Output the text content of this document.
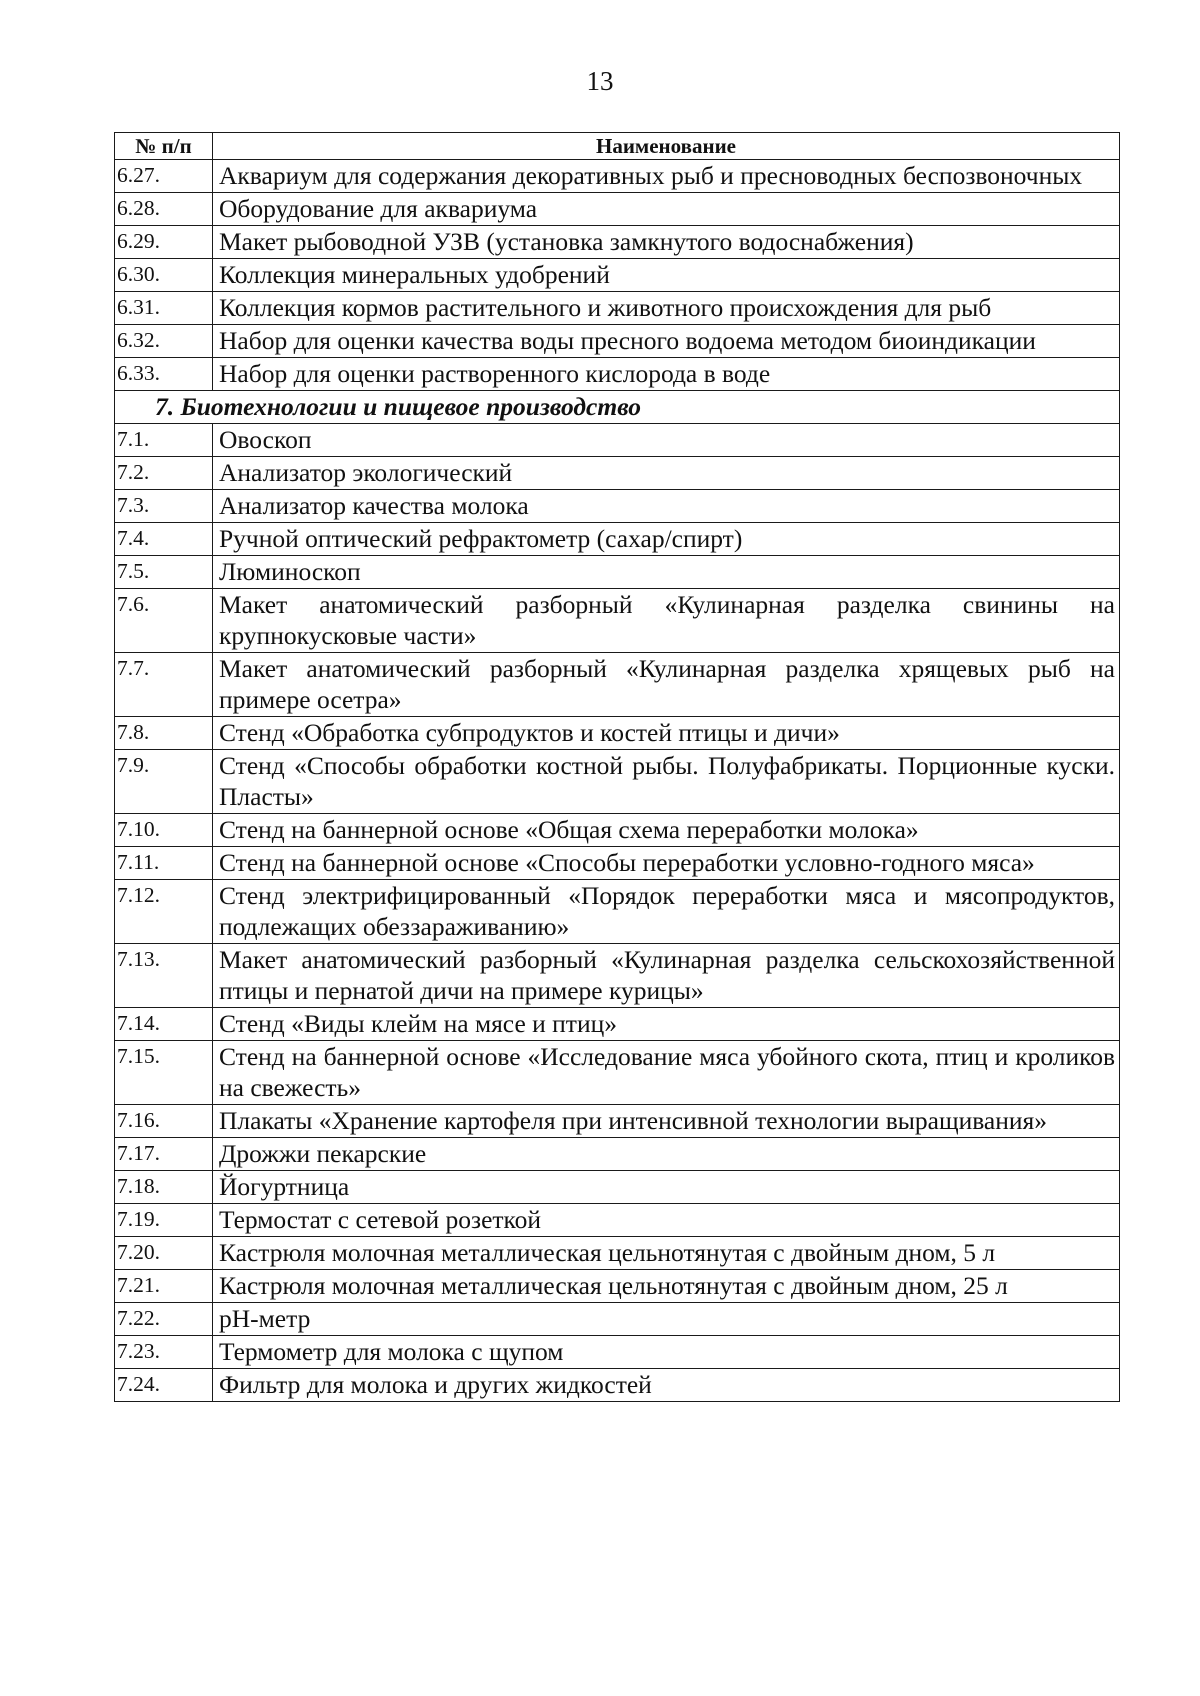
13
№ п/п	Наименование
6.27.	Аквариум для содержания декоративных рыб и пресноводных беспозвоночных
6.28.	Оборудование для аквариума
6.29.	Макет рыбоводной УЗВ (установка замкнутого водоснабжения)
6.30.	Коллекция минеральных удобрений
6.31.	Коллекция кормов растительного и животного происхождения для рыб
6.32.	Набор для оценки качества воды пресного водоема методом биоиндикации
6.33.	Набор для оценки растворенного кислорода в воде
7. Биотехнологии и пищевое производство	
7.1.	Овоскоп
7.2.	Анализатор экологический
7.3.	Анализатор качества молока
7.4.	Ручной оптический рефрактометр (сахар/спирт)
7.5.	Люминоскоп
7.6.	Макет анатомический разборный «Кулинарная разделка свинины на крупнокусковые части»
7.7.	Макет анатомический разборный «Кулинарная разделка хрящевых рыб на примере осетра»
7.8.	Стенд «Обработка субпродуктов и костей птицы и дичи»
7.9.	Стенд «Способы обработки костной рыбы. Полуфабрикаты. Порционные куски. Пласты»
7.10.	Стенд на баннерной основе «Общая схема переработки молока»
7.11.	Стенд на баннерной основе «Способы переработки условно-годного мяса»
7.12.	Стенд электрифицированный «Порядок переработки мяса и мясопродуктов, подлежащих обеззараживанию»
7.13.	Макет анатомический разборный «Кулинарная разделка сельскохозяйственной птицы и пернатой дичи на примере курицы»
7.14.	Стенд «Виды клейм на мясе и птиц»
7.15.	Стенд на баннерной основе «Исследование мяса убойного скота, птиц и кроликов на свежесть»
7.16.	Плакаты «Хранение картофеля при интенсивной технологии выращивания»
7.17.	Дрожжи пекарские
7.18.	Йогуртница
7.19.	Термостат с сетевой розеткой
7.20.	Кастрюля молочная металлическая цельнотянутая с двойным дном, 5 л
7.21.	Кастрюля молочная металлическая цельнотянутая с двойным дном, 25 л
7.22.	pH-метр
7.23.	Термометр для молока с щупом
7.24.	Фильтр для молока и других жидкостей
